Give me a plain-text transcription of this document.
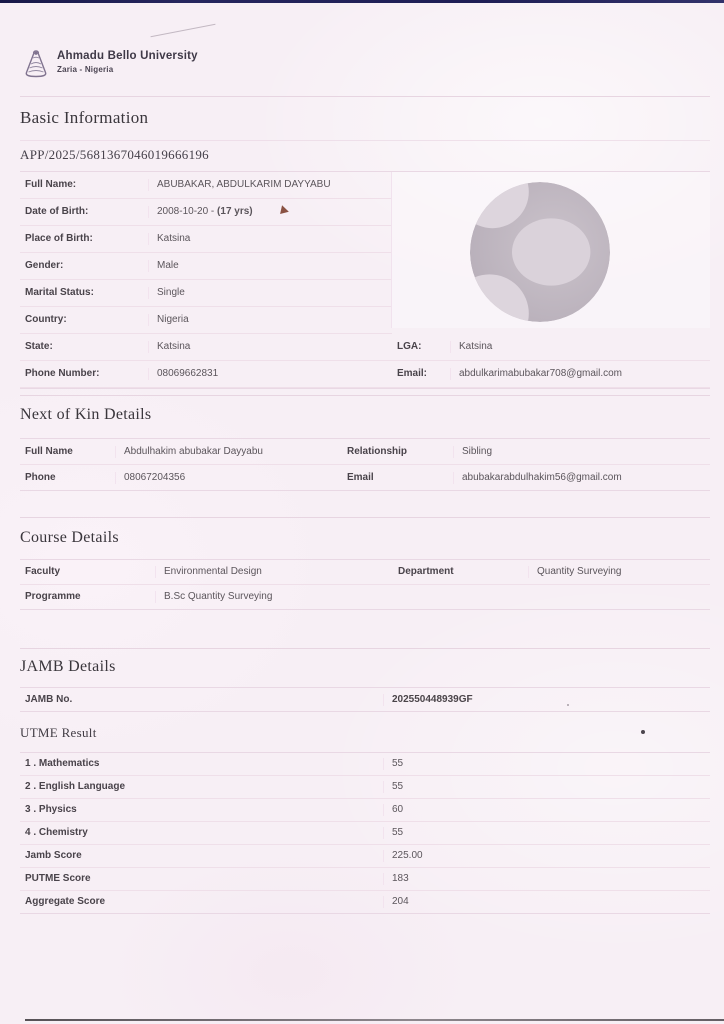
Ahmadu Bello University
Zaria - Nigeria
Basic Information
APP/2025/5681367046019666196
Full Name:	ABUBAKAR, ABDULKARIM DAYYABU
Date of Birth:	2008-10-20 - (17 yrs)
Place of Birth:	Katsina
Gender:	Male
Marital Status:	Single
Country:	Nigeria
State:	Katsina	LGA:	Katsina
Phone Number:	08069662831	Email:	abdulkarimabubakar708@gmail.com
Next of Kin Details
Full Name	Abdulhakim abubakar Dayyabu	Relationship	Sibling
Phone	08067204356	Email	abubakarabdulhakim56@gmail.com
Course Details
Faculty	Environmental Design	Department	Quantity Surveying
Programme	B.Sc Quantity Surveying
JAMB Details
JAMB No.	202550448939GF
UTME Result
1 . Mathematics	55
2 . English Language	55
3 . Physics	60
4 . Chemistry	55
Jamb Score	225.00
PUTME Score	183
Aggregate Score	204
